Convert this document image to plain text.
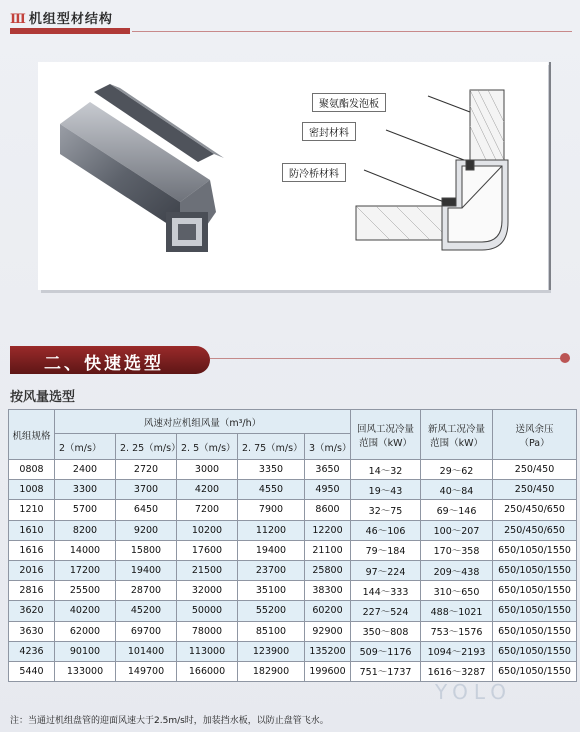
Ⅲ 机组型材结构
聚氨酯发泡板
密封材料
防冷桥材料
二、快速选型
按风量选型
机组规格	风速对应机组风量（m³/h）					回风工况冷量
范围（kW）	新风工况冷量
范围（kW）	送风余压
（Pa）
	2（m/s）	2. 25（m/s）	2. 5（m/s）	2. 75（m/s）	3（m/s）			
0808	2400	2720	3000	3350	3650	14～32	29～62	250/450
1008	3300	3700	4200	4550	4950	19～43	40～84	250/450
1210	5700	6450	7200	7900	8600	32～75	69～146	250/450/650
1610	8200	9200	10200	11200	12200	46～106	100～207	250/450/650
1616	14000	15800	17600	19400	21100	79～184	170～358	650/1050/1550
2016	17200	19400	21500	23700	25800	97～224	209～438	650/1050/1550
2816	25500	28700	32000	35100	38300	144～333	310～650	650/1050/1550
3620	40200	45200	50000	55200	60200	227～524	488～1021	650/1050/1550
3630	62000	69700	78000	85100	92900	350～808	753～1576	650/1050/1550
4236	90100	101400	113000	123900	135200	509～1176	1094～2193	650/1050/1550
5440	133000	149700	166000	182900	199600	751～1737	1616～3287	650/1050/1550
YOLO
注：当通过机组盘管的迎面风速大于2.5m/s时，加装挡水板，以防止盘管飞水。
